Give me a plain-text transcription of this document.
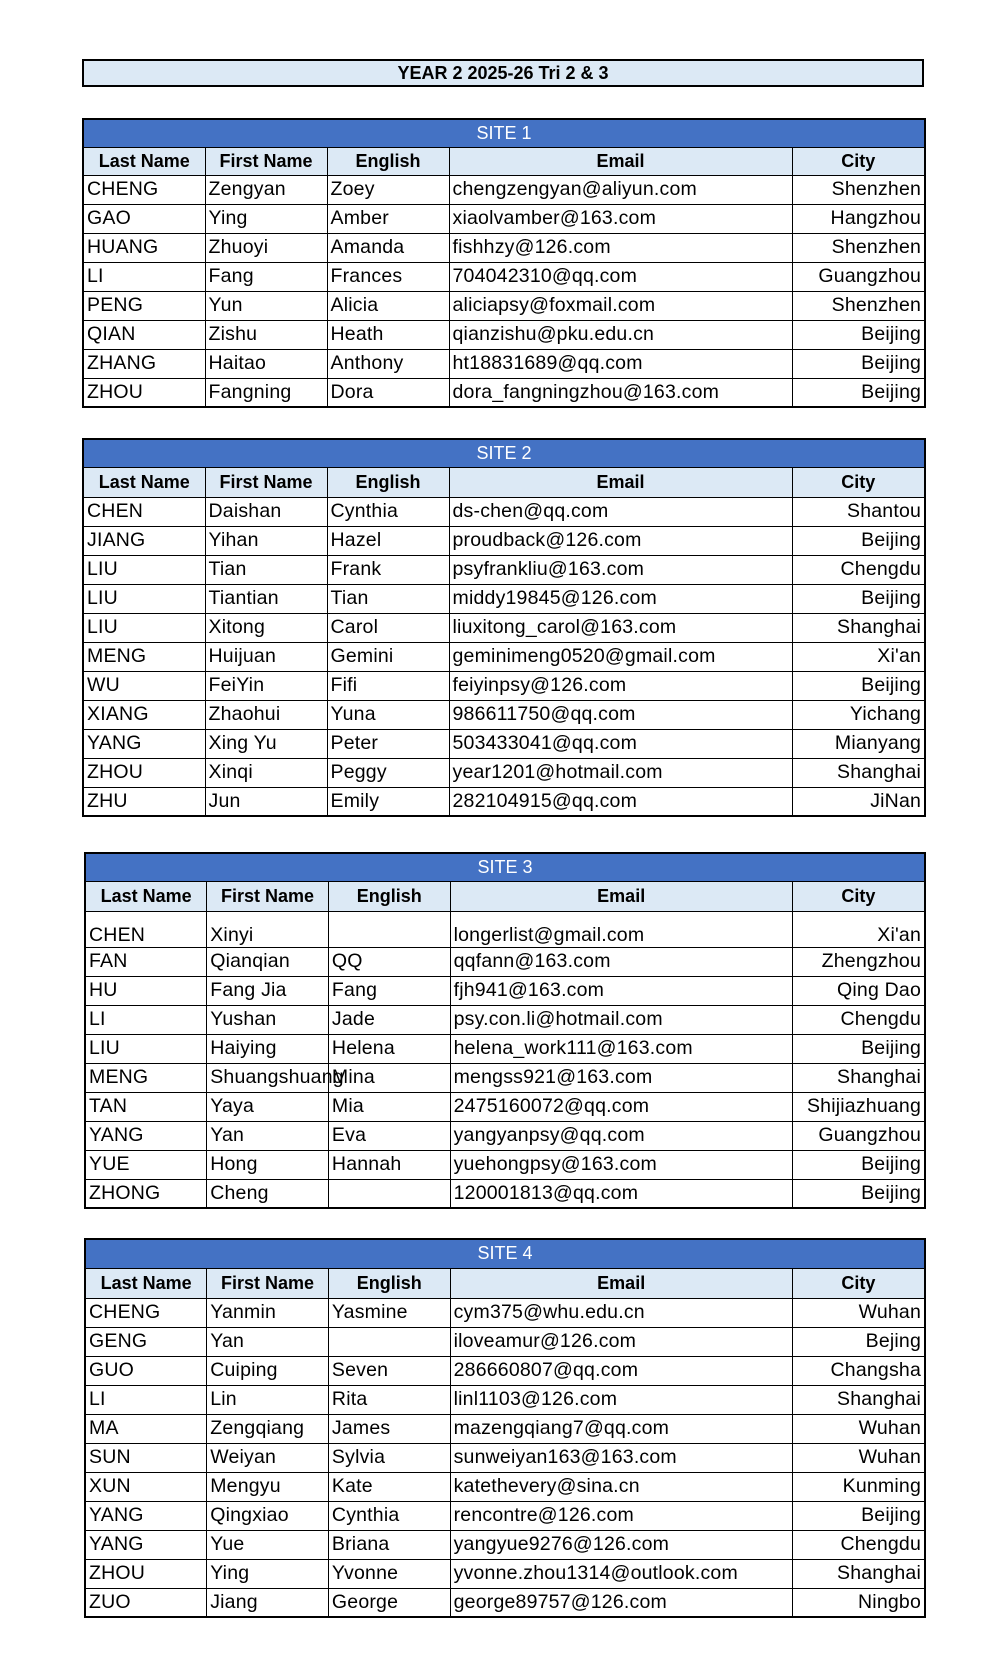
YEAR 2 2025-26 Tri 2 & 3
SITE 1				
Last Name	First Name	English	Email	City
CHENG	Zengyan	Zoey	chengzengyan@aliyun.com	Shenzhen
GAO	Ying	Amber	xiaolvamber@163.com	Hangzhou
HUANG	Zhuoyi	Amanda	fishhzy@126.com	Shenzhen
LI	Fang	Frances	704042310@qq.com	Guangzhou
PENG	Yun	Alicia	aliciapsy@foxmail.com	Shenzhen
QIAN	Zishu	Heath	qianzishu@pku.edu.cn	Beijing
ZHANG	Haitao	Anthony	ht18831689@qq.com	Beijing
ZHOU	Fangning	Dora	dora_fangningzhou@163.com	Beijing
SITE 2				
Last Name	First Name	English	Email	City
CHEN	Daishan	Cynthia	ds-chen@qq.com	Shantou
JIANG	Yihan	Hazel	proudback@126.com	Beijing
LIU	Tian	Frank	psyfrankliu@163.com	Chengdu
LIU	Tiantian	Tian	middy19845@126.com	Beijing
LIU	Xitong	Carol	liuxitong_carol@163.com	Shanghai
MENG	Huijuan	Gemini	geminimeng0520@gmail.com	Xi'an
WU	FeiYin	Fifi	feiyinpsy@126.com	Beijing
XIANG	Zhaohui	Yuna	986611750@qq.com	Yichang
YANG	Xing Yu	Peter	503433041@qq.com	Mianyang
ZHOU	Xinqi	Peggy	year1201@hotmail.com	Shanghai
ZHU	Jun	Emily	282104915@qq.com	JiNan
SITE 3				
Last Name	First Name	English	Email	City
CHEN	Xinyi		longerlist@gmail.com	Xi'an
FAN	Qianqian	QQ	qqfann@163.com	Zhengzhou
HU	Fang Jia	Fang	fjh941@163.com	Qing Dao
LI	Yushan	Jade	psy.con.li@hotmail.com	Chengdu
LIU	Haiying	Helena	helena_work111@163.com	Beijing
MENG	Shuangshuang	Mina	mengss921@163.com	Shanghai
TAN	Yaya	Mia	2475160072@qq.com	Shijiazhuang
YANG	Yan	Eva	yangyanpsy@qq.com	Guangzhou
YUE	Hong	Hannah	yuehongpsy@163.com	Beijing
ZHONG	Cheng		120001813@qq.com	Beijing
SITE 4				
Last Name	First Name	English	Email	City
CHENG	Yanmin	Yasmine	cym375@whu.edu.cn	Wuhan
GENG	Yan		iloveamur@126.com	Bejing
GUO	Cuiping	Seven	286660807@qq.com	Changsha
LI	Lin	Rita	linl1103@126.com	Shanghai
MA	Zengqiang	James	mazengqiang7@qq.com	Wuhan
SUN	Weiyan	Sylvia	sunweiyan163@163.com	Wuhan
XUN	Mengyu	Kate	katethevery@sina.cn	Kunming
YANG	Qingxiao	Cynthia	rencontre@126.com	Beijing
YANG	Yue	Briana	yangyue9276@126.com	Chengdu
ZHOU	Ying	Yvonne	yvonne.zhou1314@outlook.com	Shanghai
ZUO	Jiang	George	george89757@126.com	Ningbo
